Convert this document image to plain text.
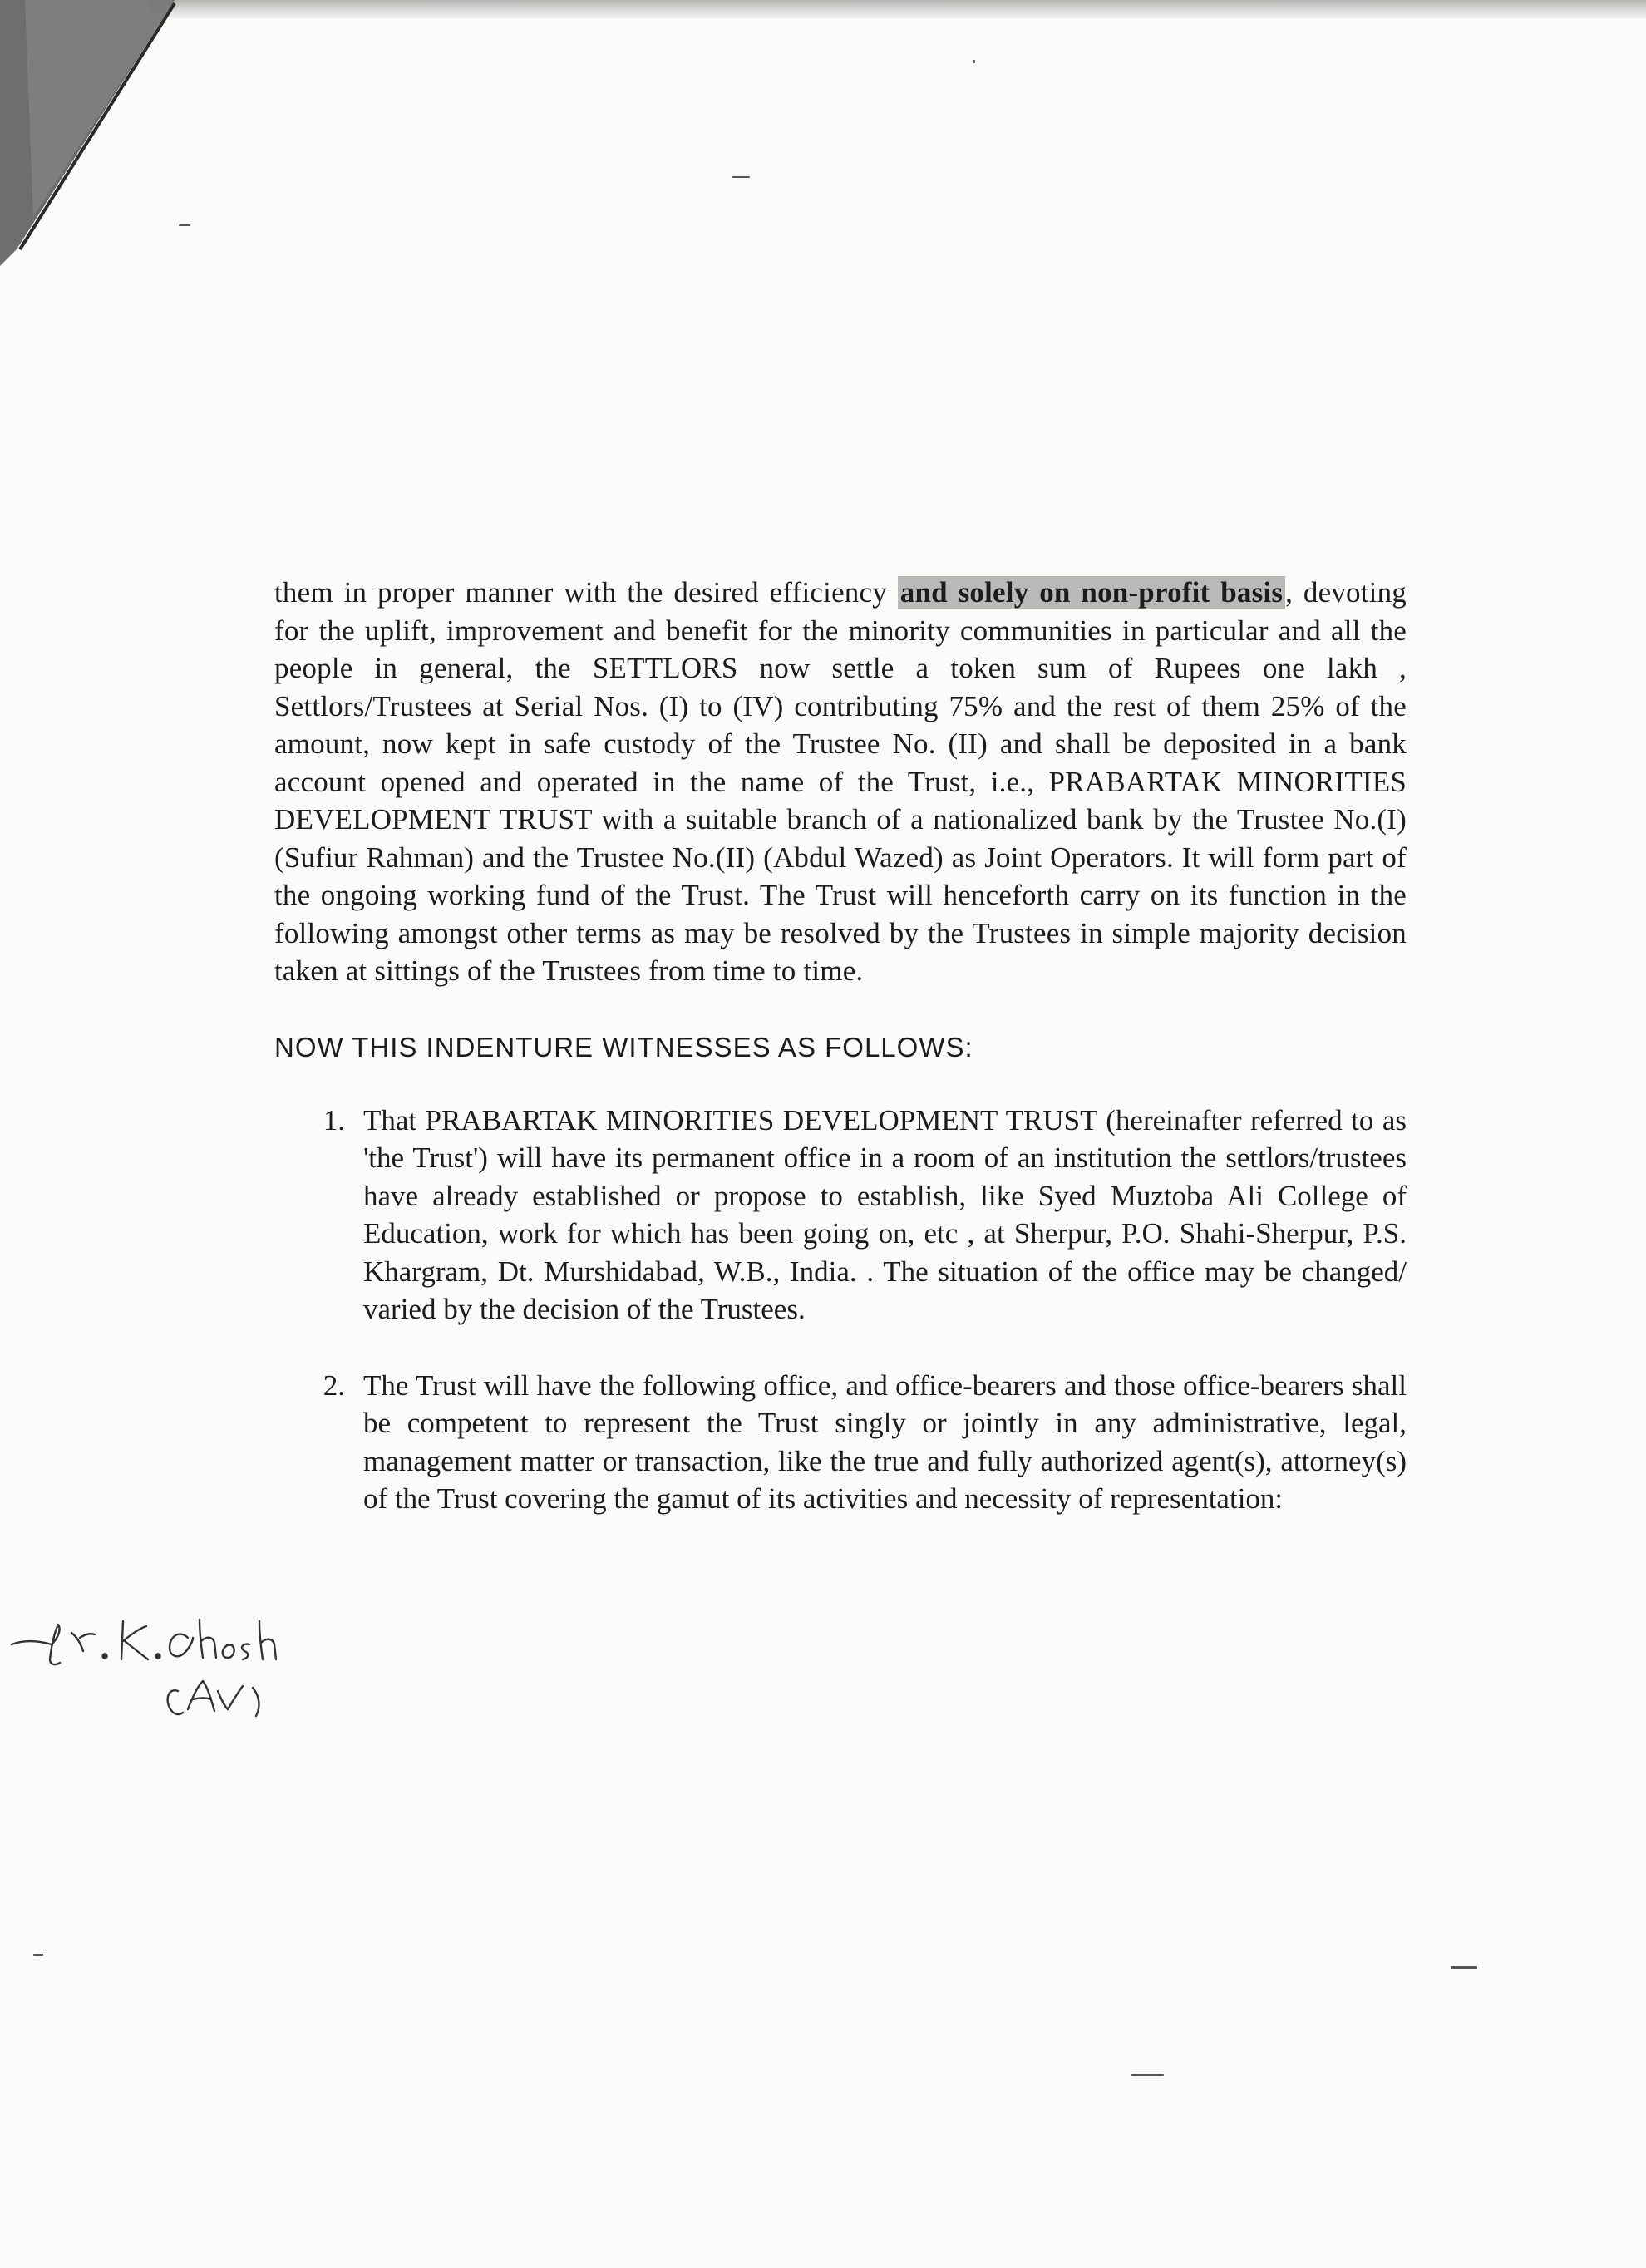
them in proper manner with the desired efficiency and solely on non-profit basis, devoting for the uplift, improvement and benefit for the minority communities in particular and all the people in general, the SETTLORS now settle a token sum of Rupees one lakh , Settlors/Trustees at Serial Nos. (I) to (IV) contributing 75% and the rest of them 25% of the amount, now kept in safe custody of the Trustee No. (II) and shall be deposited in a bank account opened and operated in the name of the Trust, i.e., PRABARTAK MINORITIES DEVELOPMENT TRUST with a suitable branch of a nationalized bank by the Trustee No.(I) (Sufiur Rahman) and the Trustee No.(II) (Abdul Wazed) as Joint Operators. It will form part of the ongoing working fund of the Trust. The Trust will henceforth carry on its function in the following amongst other terms as may be resolved by the Trustees in simple majority decision taken at sittings of the Trustees from time to time.

NOW THIS INDENTURE WITNESSES AS FOLLOWS:
1. That PRABARTAK MINORITIES DEVELOPMENT TRUST (hereinafter referred to as 'the Trust') will have its permanent office in a room of an institution the settlors/trustees have already established or propose to establish, like Syed Muztoba Ali College of Education, work for which has been going on, etc , at Sherpur, P.O. Shahi-Sherpur, P.S. Khargram, Dt. Murshidabad, W.B., India. . The situation of the office may be changed/ varied by the decision of the Trustees.

2. The Trust will have the following office, and office-bearers and those office-bearers shall be competent to represent the Trust singly or jointly in any administrative, legal, management matter or transaction, like the true and fully authorized agent(s), attorney(s) of the Trust covering the gamut of its activities and necessity of representation:
